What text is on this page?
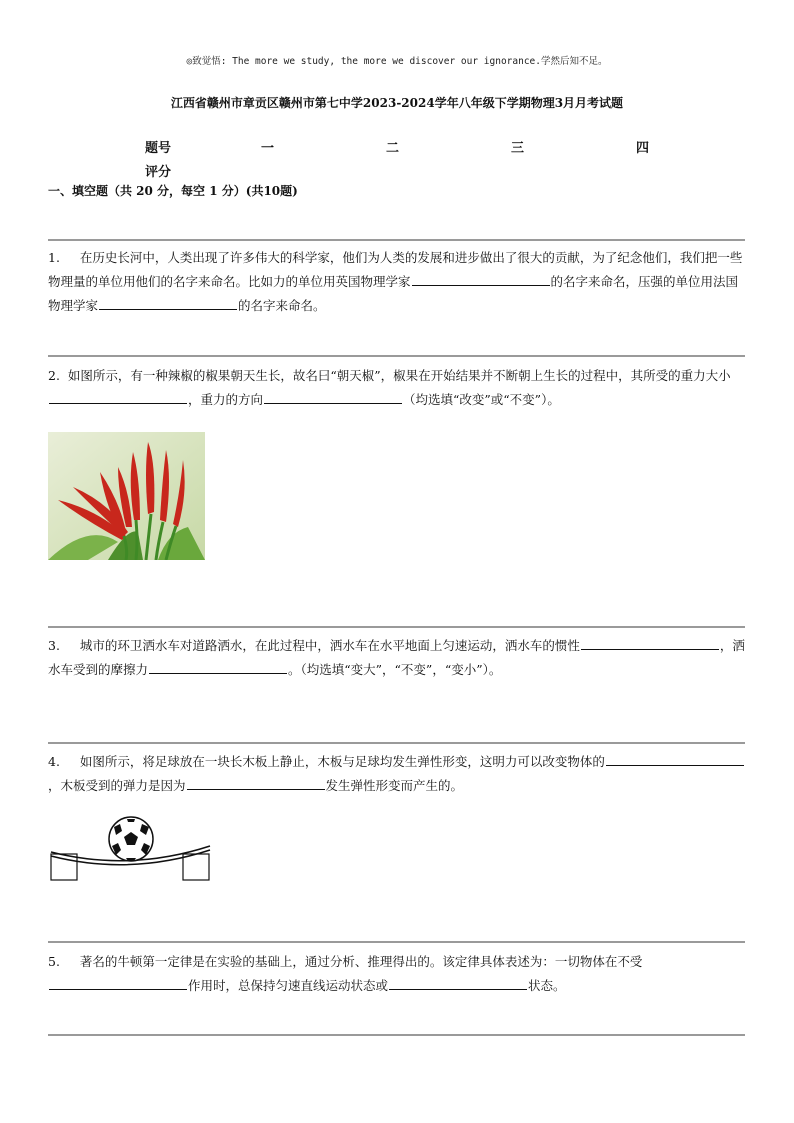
◎致觉悟: The more we study, the more we discover our ignorance.学然后知不足。
江西省赣州市章贡区赣州市第七中学2023-2024学年八年级下学期物理3月月考试题
题号	一	二	三	四
评分
一、填空题（共 20 分，每空 1 分）(共10题)
1. 在历史长河中，人类出现了许多伟大的科学家，他们为人类的发展和进步做出了很大的贡献，为了纪念他们，我们把一些物理量的单位用他们的名字来命名。比如力的单位用英国物理学家	的名字来命名，压强的单位用法国物理学家	的名字来命名。
2. 如图所示，有一种辣椒的椒果朝天生长，故名曰“朝天椒”，椒果在开始结果并不断朝上生长的过程中，其所受的重力大小，重力的方向	（均选填“改变”或“不变”）。
3. 城市的环卫洒水车对道路洒水，在此过程中，洒水车在水平地面上匀速运动，洒水车的惯性	，洒水车受到的摩擦力	。（均选填“变大”，“不变”，“变小”）。
4. 如图所示，将足球放在一块长木板上静止，木板与足球均发生弹性形变，这明力可以改变物体的，木板受到的弹力是因为	发生弹性形变而产生的。
5. 著名的牛顿第一定律是在实验的基础上，通过分析、推理得出的。该定律具体表述为：一切物体在不受作用时，总保持匀速直线运动状态或	状态。
